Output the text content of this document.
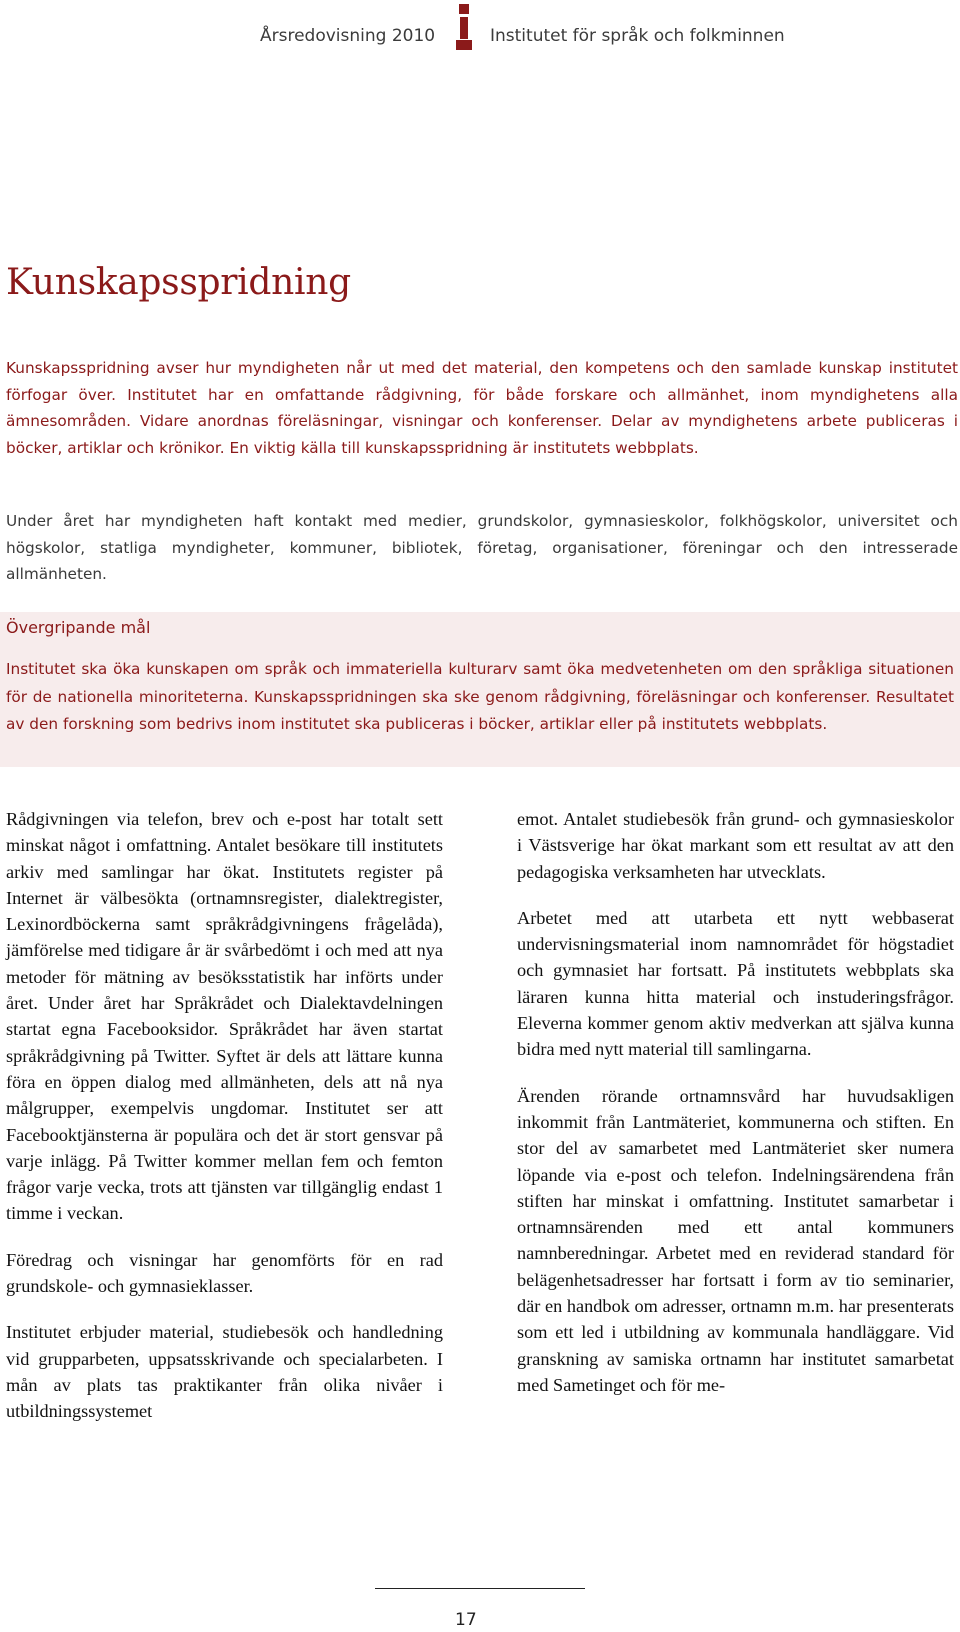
Årsredovisning 2010	Institutet för språk och folkminnen
Kunskapsspridning

Kunskapsspridning avser hur myndigheten når ut med det material, den kompetens och den samlade kunskap institutet förfogar över. Institutet har en omfattande rådgivning, för både forskare och allmänhet, inom myndighetens alla ämnesområden. Vidare anordnas föreläsningar, visningar och konferenser. Delar av myndighetens arbete publiceras i böcker, artiklar och krönikor. En viktig källa till kunskapsspridning är institutets webbplats.

Under året har myndigheten haft kontakt med medier, grundskolor, gymnasieskolor, folkhögskolor, universitet och högskolor, statliga myndigheter, kommuner, bibliotek, företag, organisationer, föreningar och den intresserade allmänheten.

Övergripande mål

Institutet ska öka kunskapen om språk och immateriella kulturarv samt öka medvetenheten om den språkliga situationen för de nationella minoriteterna. Kunskapsspridningen ska ske genom rådgivning, föreläsningar och konferenser. Resultatet av den forskning som bedrivs inom institutet ska publiceras i böcker, artiklar eller på institutets webbplats.

Rådgivningen via telefon, brev och e-post har totalt sett minskat något i omfattning. Antalet besökare till institutets arkiv med samlingar har ökat. Institutets register på Internet är välbesökta (ortnamnsregister, dialektregister, Lexinordböckerna samt språkrådgivningens frågelåda), jämförelse med tidigare år är svårbedömt i och med att nya metoder för mätning av besöksstatistik har införts under året. Under året har Språkrådet och Dialektavdelningen startat egna Facebooksidor. Språkrådet har även startat språkrådgivning på Twitter. Syftet är dels att lättare kunna föra en öppen dialog med allmänheten, dels att nå nya målgrupper, exempelvis ungdomar. Institutet ser att Facebooktjänsterna är populära och det är stort gensvar på varje inlägg. På Twitter kommer mellan fem och femton frågor varje vecka, trots att tjänsten var tillgänglig endast 1 timme i veckan.

Föredrag och visningar har genomförts för en rad grundskole- och gymnasieklasser.

Institutet erbjuder material, studiebesök och handledning vid grupparbeten, uppsatsskrivande och specialarbeten. I mån av plats tas praktikanter från olika nivåer i utbildningssystemet

emot. Antalet studiebesök från grund- och gymnasieskolor i Västsverige har ökat markant som ett resultat av att den pedagogiska verksamheten har utvecklats.

Arbetet med att utarbeta ett nytt webbaserat undervisningsmaterial inom namnområdet för högstadiet och gymnasiet har fortsatt. På institutets webbplats ska läraren kunna hitta material och instuderingsfrågor. Eleverna kommer genom aktiv medverkan att själva kunna bidra med nytt material till samlingarna.

Ärenden rörande ortnamnsvård har huvudsakligen inkommit från Lantmäteriet, kommunerna och stiften. En stor del av samarbetet med Lantmäteriet sker numera löpande via e-post och telefon. Indelningsärendena från stiften har minskat i omfattning. Institutet samarbetar i ortnamnsärenden med ett antal kommuners namnberedningar. Arbetet med en reviderad standard för belägenhetsadresser har fortsatt i form av tio seminarier, där en handbok om adresser, ortnamn m.m. har presenterats som ett led i utbildning av kommunala handläggare. Vid granskning av samiska ortnamn har institutet samarbetat med Sametinget och för me-

17
